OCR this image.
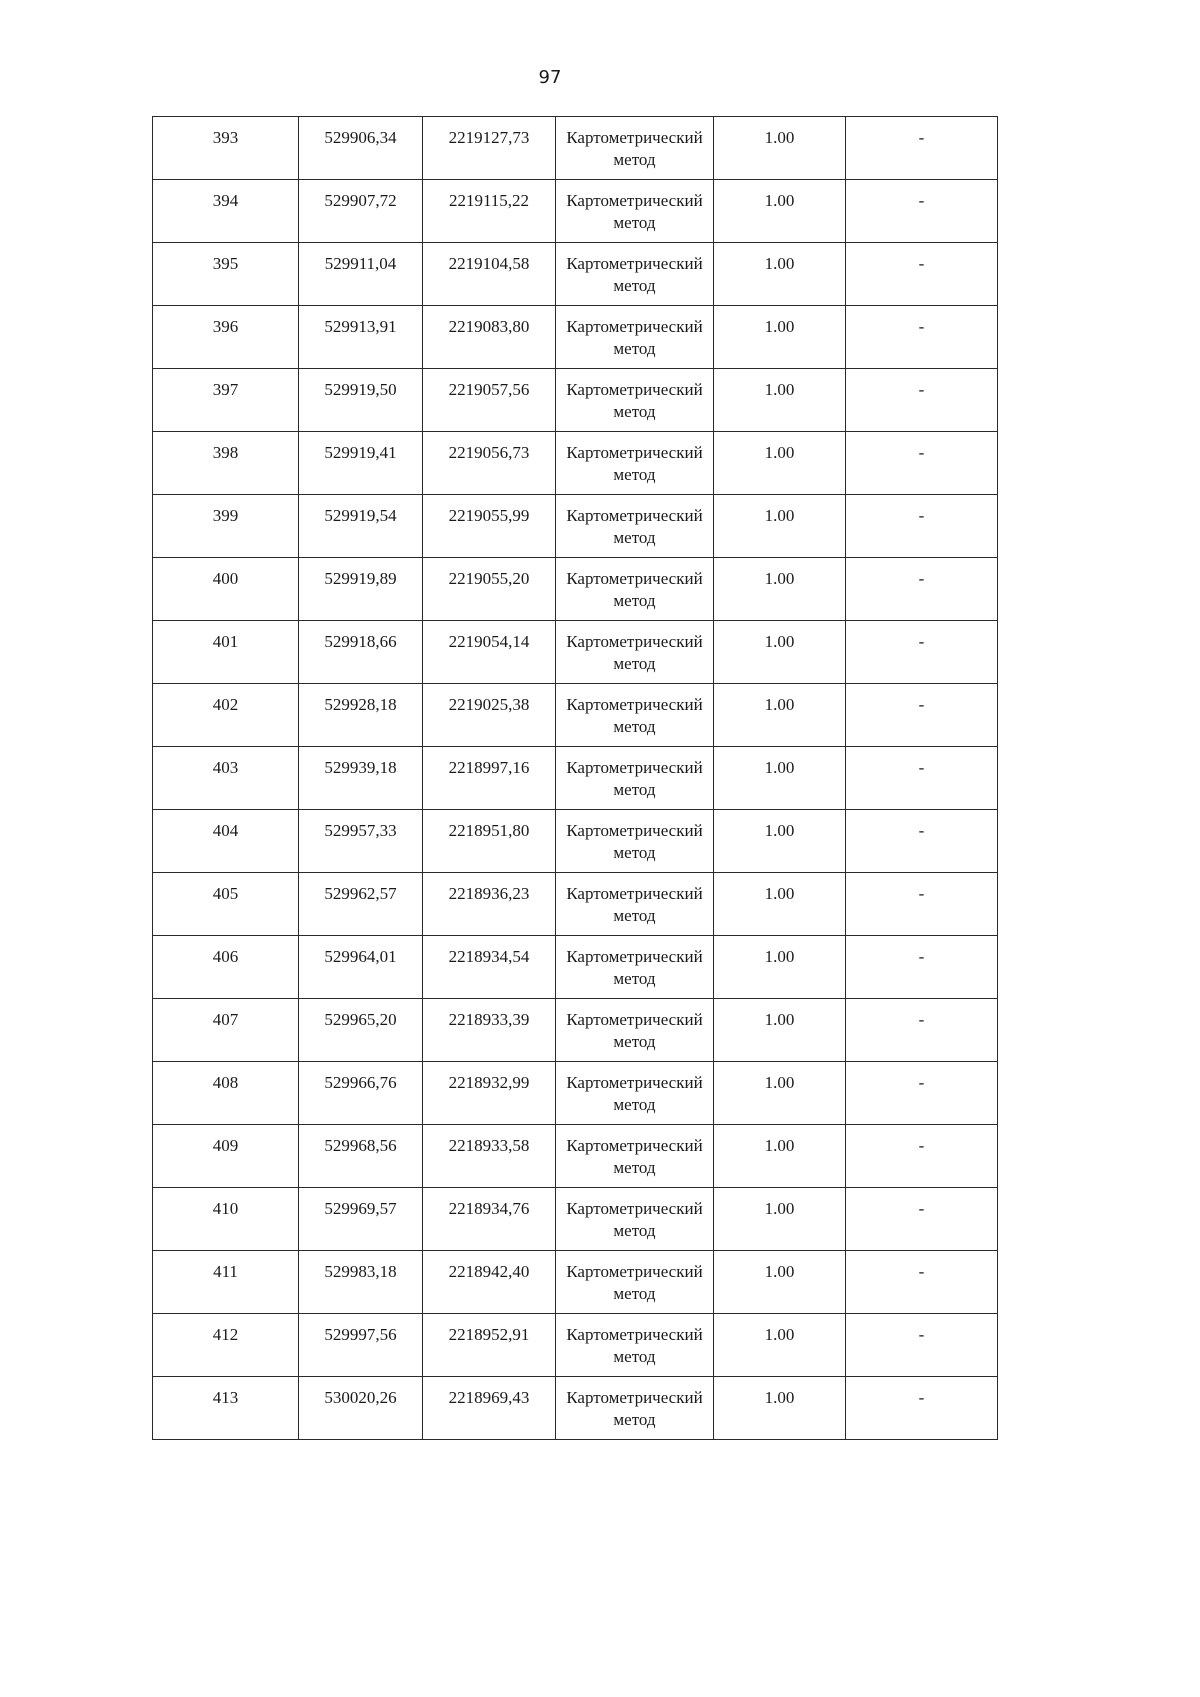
97
393	529906,34	2219127,73	Картометрический метод	1.00	-

394	529907,72	2219115,22	Картометрический метод	1.00	-

395	529911,04	2219104,58	Картометрический метод	1.00	-

396	529913,91	2219083,80	Картометрический метод	1.00	-

397	529919,50	2219057,56	Картометрический метод	1.00	-

398	529919,41	2219056,73	Картометрический метод	1.00	-

399	529919,54	2219055,99	Картометрический метод	1.00	-

400	529919,89	2219055,20	Картометрический метод	1.00	-

401	529918,66	2219054,14	Картометрический метод	1.00	-

402	529928,18	2219025,38	Картометрический метод	1.00	-

403	529939,18	2218997,16	Картометрический метод	1.00	-

404	529957,33	2218951,80	Картометрический метод	1.00	-

405	529962,57	2218936,23	Картометрический метод	1.00	-

406	529964,01	2218934,54	Картометрический метод	1.00	-

407	529965,20	2218933,39	Картометрический метод	1.00	-

408	529966,76	2218932,99	Картометрический метод	1.00	-

409	529968,56	2218933,58	Картометрический метод	1.00	-

410	529969,57	2218934,76	Картометрический метод	1.00	-

411	529983,18	2218942,40	Картометрический метод	1.00	-

412	529997,56	2218952,91	Картометрический метод	1.00	-

413	530020,26	2218969,43	Картометрический метод	1.00	-
